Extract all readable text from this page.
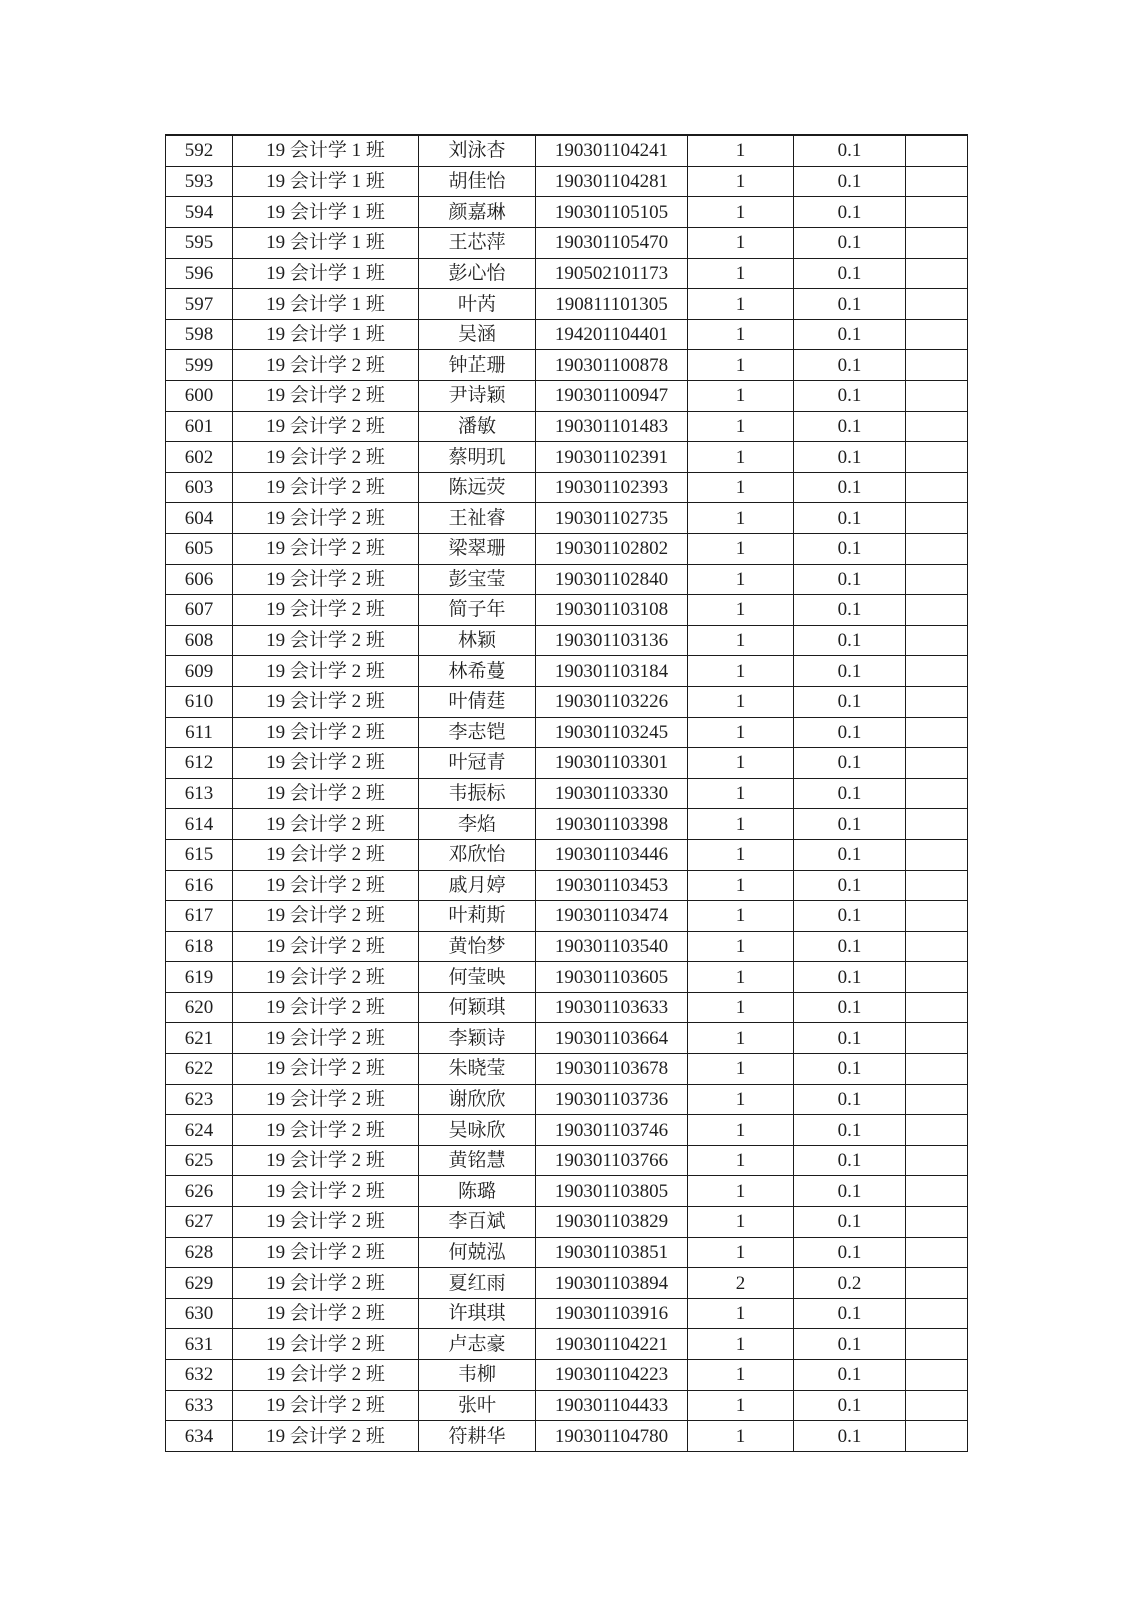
592	19 会计学 1 班	刘泳杏	190301104241	1	0.1	
593	19 会计学 1 班	胡佳怡	190301104281	1	0.1	
594	19 会计学 1 班	颜嘉琳	190301105105	1	0.1	
595	19 会计学 1 班	王芯萍	190301105470	1	0.1	
596	19 会计学 1 班	彭心怡	190502101173	1	0.1	
597	19 会计学 1 班	叶芮	190811101305	1	0.1	
598	19 会计学 1 班	吴涵	194201104401	1	0.1	
599	19 会计学 2 班	钟芷珊	190301100878	1	0.1	
600	19 会计学 2 班	尹诗颖	190301100947	1	0.1	
601	19 会计学 2 班	潘敏	190301101483	1	0.1	
602	19 会计学 2 班	蔡明玑	190301102391	1	0.1	
603	19 会计学 2 班	陈远荧	190301102393	1	0.1	
604	19 会计学 2 班	王祉睿	190301102735	1	0.1	
605	19 会计学 2 班	梁翠珊	190301102802	1	0.1	
606	19 会计学 2 班	彭宝莹	190301102840	1	0.1	
607	19 会计学 2 班	简子年	190301103108	1	0.1	
608	19 会计学 2 班	林颖	190301103136	1	0.1	
609	19 会计学 2 班	林希蔓	190301103184	1	0.1	
610	19 会计学 2 班	叶倩莛	190301103226	1	0.1	
611	19 会计学 2 班	李志铠	190301103245	1	0.1	
612	19 会计学 2 班	叶冠青	190301103301	1	0.1	
613	19 会计学 2 班	韦振标	190301103330	1	0.1	
614	19 会计学 2 班	李焰	190301103398	1	0.1	
615	19 会计学 2 班	邓欣怡	190301103446	1	0.1	
616	19 会计学 2 班	戚月婷	190301103453	1	0.1	
617	19 会计学 2 班	叶莉斯	190301103474	1	0.1	
618	19 会计学 2 班	黄怡梦	190301103540	1	0.1	
619	19 会计学 2 班	何莹映	190301103605	1	0.1	
620	19 会计学 2 班	何颖琪	190301103633	1	0.1	
621	19 会计学 2 班	李颖诗	190301103664	1	0.1	
622	19 会计学 2 班	朱晓莹	190301103678	1	0.1	
623	19 会计学 2 班	谢欣欣	190301103736	1	0.1	
624	19 会计学 2 班	吴咏欣	190301103746	1	0.1	
625	19 会计学 2 班	黄铭慧	190301103766	1	0.1	
626	19 会计学 2 班	陈璐	190301103805	1	0.1	
627	19 会计学 2 班	李百斌	190301103829	1	0.1	
628	19 会计学 2 班	何兢泓	190301103851	1	0.1	
629	19 会计学 2 班	夏红雨	190301103894	2	0.2	
630	19 会计学 2 班	许琪琪	190301103916	1	0.1	
631	19 会计学 2 班	卢志豪	190301104221	1	0.1	
632	19 会计学 2 班	韦柳	190301104223	1	0.1	
633	19 会计学 2 班	张叶	190301104433	1	0.1	
634	19 会计学 2 班	符耕华	190301104780	1	0.1	
